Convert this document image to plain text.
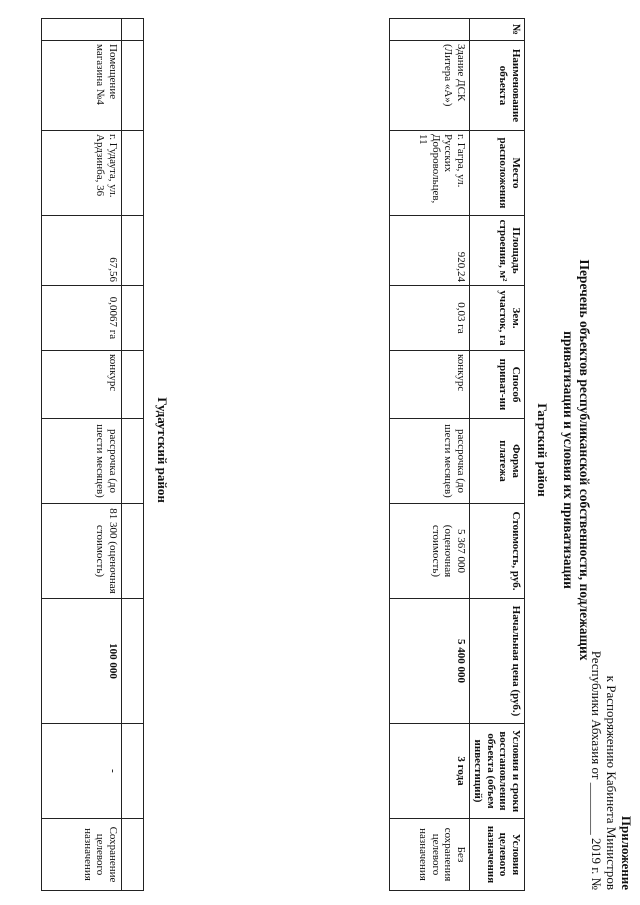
Приложение
к Распоряжению Кабинета Министров
Республики Абхазия от ________ 2019 г. №
Перечень объектов республиканской собственности, подлежащих
приватизации и условия их приватизации
Гагрский район
№	Наименование объекта	Место расположения	Площадь строения, м²	Зем. участок, га	Способ приват-ии	Форма платежа	Стоимость, руб.	Начальная цена (руб.)	Условия и сроки восстановления объекта (объем инвестиций)	Условия целевого назначения
	Здание ДСК (Литера «А»)	г. Гагра, ул. Русских Добровольцев, 11	920,24	0,03 га	конкурс	рассрочка (до шести месяцев)	5 367 000 (оценочная стоимость)	5 400 000	3 года	Без сохранения целевого назначения
Гудаутский район

	Помещение магазина №4	г. Гудаута, ул. Ардзинба, 36	67,56	0,0067 га	конкурс	рассрочка (до шести месяцев)	81 300 (оценочная стоимость)	100 000	-	Сохранение целевого назначения
